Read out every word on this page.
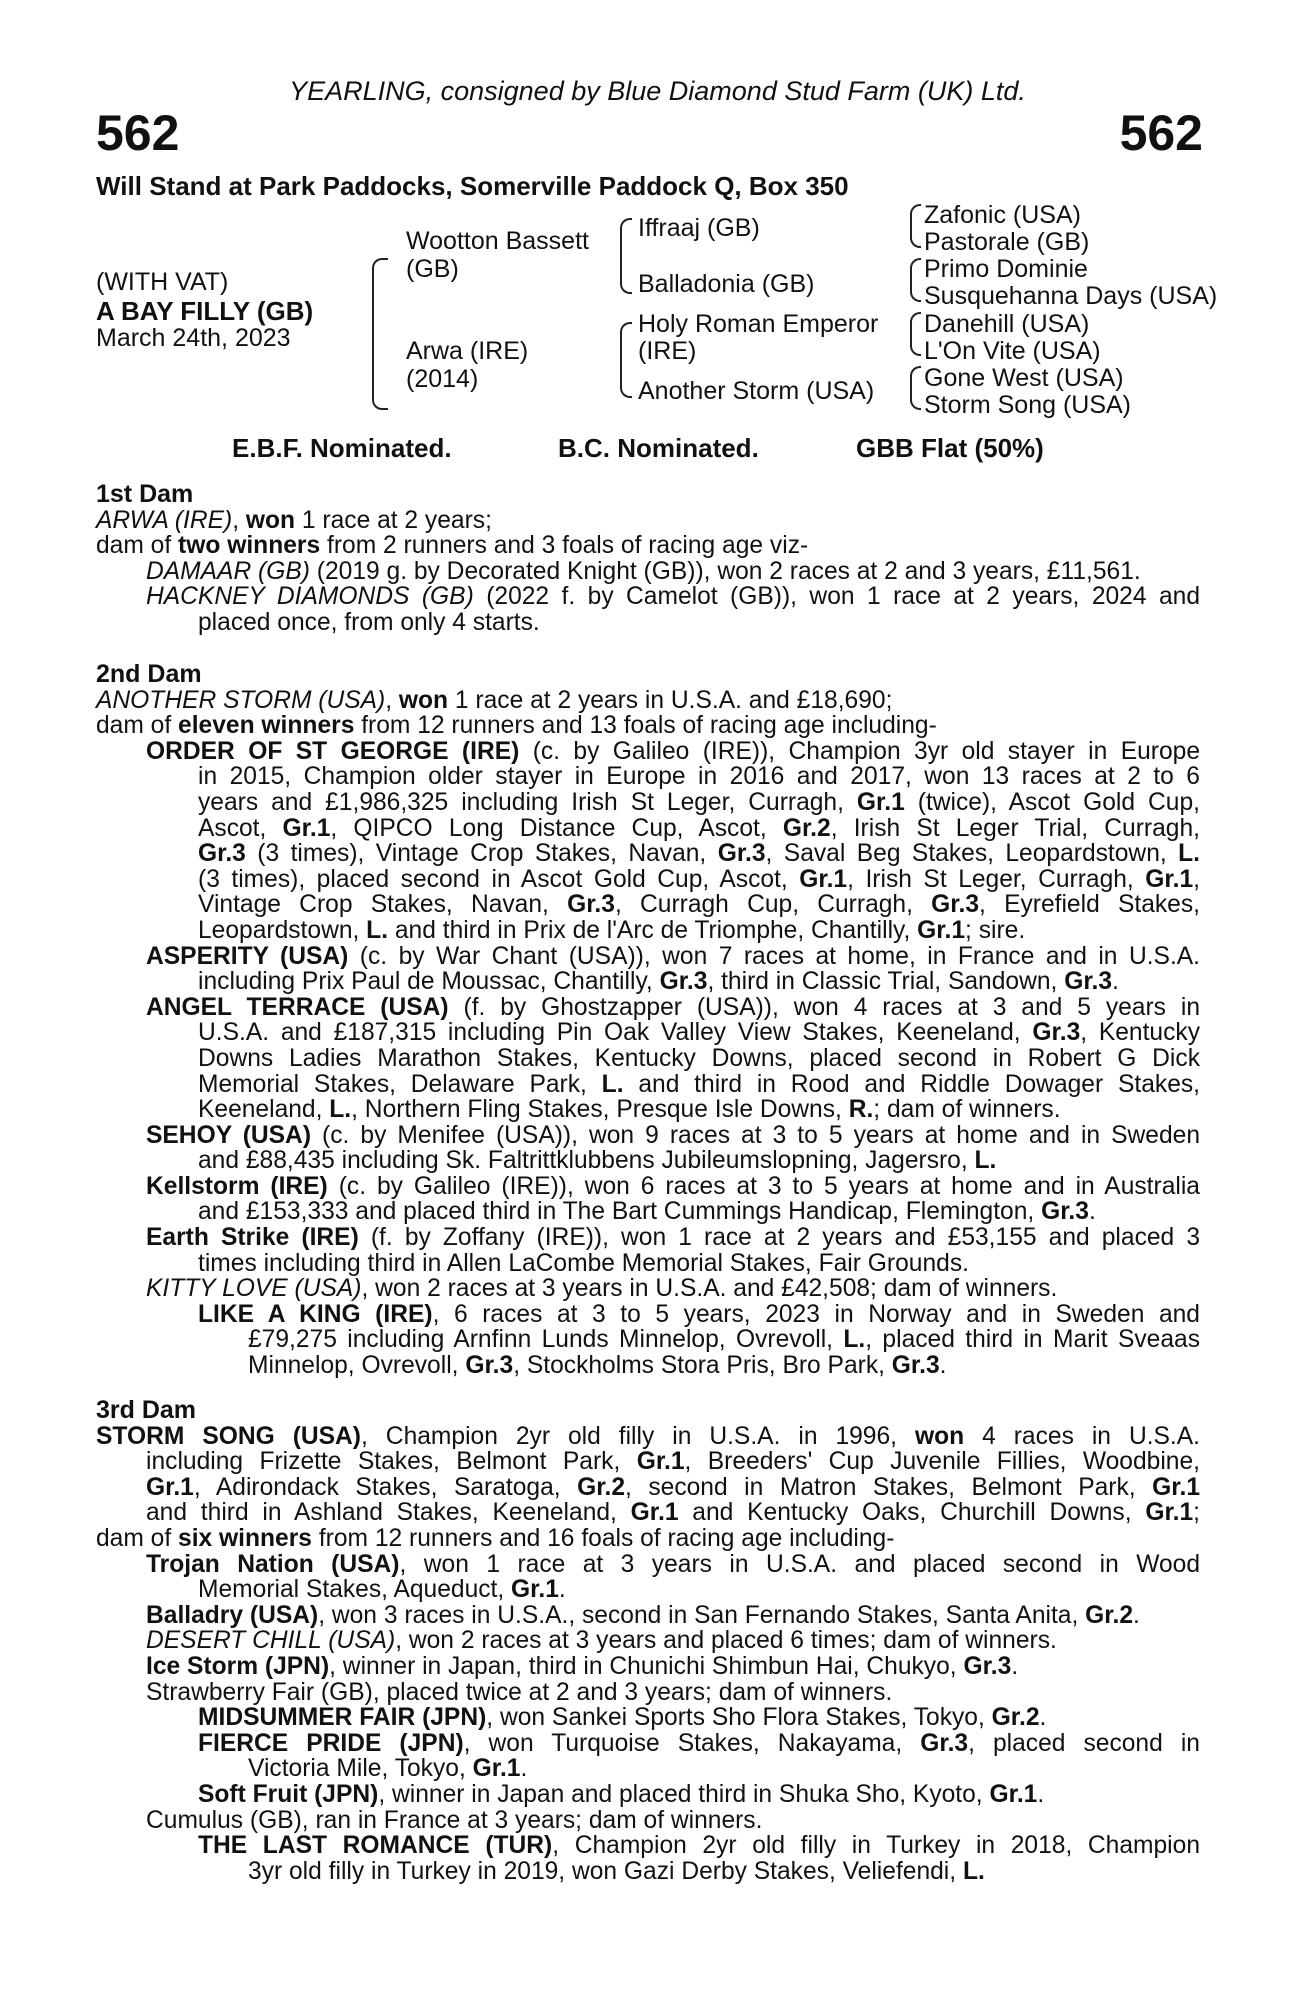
YEARLING, consigned by Blue Diamond Stud Farm (UK) Ltd.
562	562
Will Stand at Park Paddocks, Somerville Paddock Q, Box 350
(WITH VAT)
A BAY FILLY (GB)
March 24th, 2023
Wootton Bassett
(GB)
Arwa (IRE)
(2014)
Iffraaj (GB)
Balladonia (GB)
Holy Roman Emperor
(IRE)
Another Storm (USA)
Zafonic (USA)
Pastorale (GB)
Primo Dominie
Susquehanna Days (USA)
Danehill (USA)
L'On Vite (USA)
Gone West (USA)
Storm Song (USA)
E.B.F. Nominated.	B.C. Nominated.	GBB Flat (50%)
1st Dam
ARWA (IRE), won 1 race at 2 years;
dam of two winners from 2 runners and 3 foals of racing age viz-
DAMAAR (GB) (2019 g. by Decorated Knight (GB)), won 2 races at 2 and 3 years, £11,561.
HACKNEY DIAMONDS (GB) (2022 f. by Camelot (GB)), won 1 race at 2 years, 2024 and
placed once, from only 4 starts.
2nd Dam
ANOTHER STORM (USA), won 1 race at 2 years in U.S.A. and £18,690;
dam of eleven winners from 12 runners and 13 foals of racing age including-
ORDER OF ST GEORGE (IRE) (c. by Galileo (IRE)), Champion 3yr old stayer in Europe
in 2015, Champion older stayer in Europe in 2016 and 2017, won 13 races at 2 to 6
years and £1,986,325 including Irish St Leger, Curragh, Gr.1 (twice), Ascot Gold Cup,
Ascot, Gr.1, QIPCO Long Distance Cup, Ascot, Gr.2, Irish St Leger Trial, Curragh,
Gr.3 (3 times), Vintage Crop Stakes, Navan, Gr.3, Saval Beg Stakes, Leopardstown, L.
(3 times), placed second in Ascot Gold Cup, Ascot, Gr.1, Irish St Leger, Curragh, Gr.1,
Vintage Crop Stakes, Navan, Gr.3, Curragh Cup, Curragh, Gr.3, Eyrefield Stakes,
Leopardstown, L. and third in Prix de l'Arc de Triomphe, Chantilly, Gr.1; sire.
ASPERITY (USA) (c. by War Chant (USA)), won 7 races at home, in France and in U.S.A.
including Prix Paul de Moussac, Chantilly, Gr.3, third in Classic Trial, Sandown, Gr.3.
ANGEL TERRACE (USA) (f. by Ghostzapper (USA)), won 4 races at 3 and 5 years in
U.S.A. and £187,315 including Pin Oak Valley View Stakes, Keeneland, Gr.3, Kentucky
Downs Ladies Marathon Stakes, Kentucky Downs, placed second in Robert G Dick
Memorial Stakes, Delaware Park, L. and third in Rood and Riddle Dowager Stakes,
Keeneland, L., Northern Fling Stakes, Presque Isle Downs, R.; dam of winners.
SEHOY (USA) (c. by Menifee (USA)), won 9 races at 3 to 5 years at home and in Sweden
and £88,435 including Sk. Faltrittklubbens Jubileumslopning, Jagersro, L.
Kellstorm (IRE) (c. by Galileo (IRE)), won 6 races at 3 to 5 years at home and in Australia
and £153,333 and placed third in The Bart Cummings Handicap, Flemington, Gr.3.
Earth Strike (IRE) (f. by Zoffany (IRE)), won 1 race at 2 years and £53,155 and placed 3
times including third in Allen LaCombe Memorial Stakes, Fair Grounds.
KITTY LOVE (USA), won 2 races at 3 years in U.S.A. and £42,508; dam of winners.
LIKE A KING (IRE), 6 races at 3 to 5 years, 2023 in Norway and in Sweden and
£79,275 including Arnfinn Lunds Minnelop, Ovrevoll, L., placed third in Marit Sveaas
Minnelop, Ovrevoll, Gr.3, Stockholms Stora Pris, Bro Park, Gr.3.
3rd Dam
STORM SONG (USA), Champion 2yr old filly in U.S.A. in 1996, won 4 races in U.S.A.
including Frizette Stakes, Belmont Park, Gr.1, Breeders' Cup Juvenile Fillies, Woodbine,
Gr.1, Adirondack Stakes, Saratoga, Gr.2, second in Matron Stakes, Belmont Park, Gr.1
and third in Ashland Stakes, Keeneland, Gr.1 and Kentucky Oaks, Churchill Downs, Gr.1;
dam of six winners from 12 runners and 16 foals of racing age including-
Trojan Nation (USA), won 1 race at 3 years in U.S.A. and placed second in Wood
Memorial Stakes, Aqueduct, Gr.1.
Balladry (USA), won 3 races in U.S.A., second in San Fernando Stakes, Santa Anita, Gr.2.
DESERT CHILL (USA), won 2 races at 3 years and placed 6 times; dam of winners.
Ice Storm (JPN), winner in Japan, third in Chunichi Shimbun Hai, Chukyo, Gr.3.
Strawberry Fair (GB), placed twice at 2 and 3 years; dam of winners.
MIDSUMMER FAIR (JPN), won Sankei Sports Sho Flora Stakes, Tokyo, Gr.2.
FIERCE PRIDE (JPN), won Turquoise Stakes, Nakayama, Gr.3, placed second in
Victoria Mile, Tokyo, Gr.1.
Soft Fruit (JPN), winner in Japan and placed third in Shuka Sho, Kyoto, Gr.1.
Cumulus (GB), ran in France at 3 years; dam of winners.
THE LAST ROMANCE (TUR), Champion 2yr old filly in Turkey in 2018, Champion
3yr old filly in Turkey in 2019, won Gazi Derby Stakes, Veliefendi, L.
